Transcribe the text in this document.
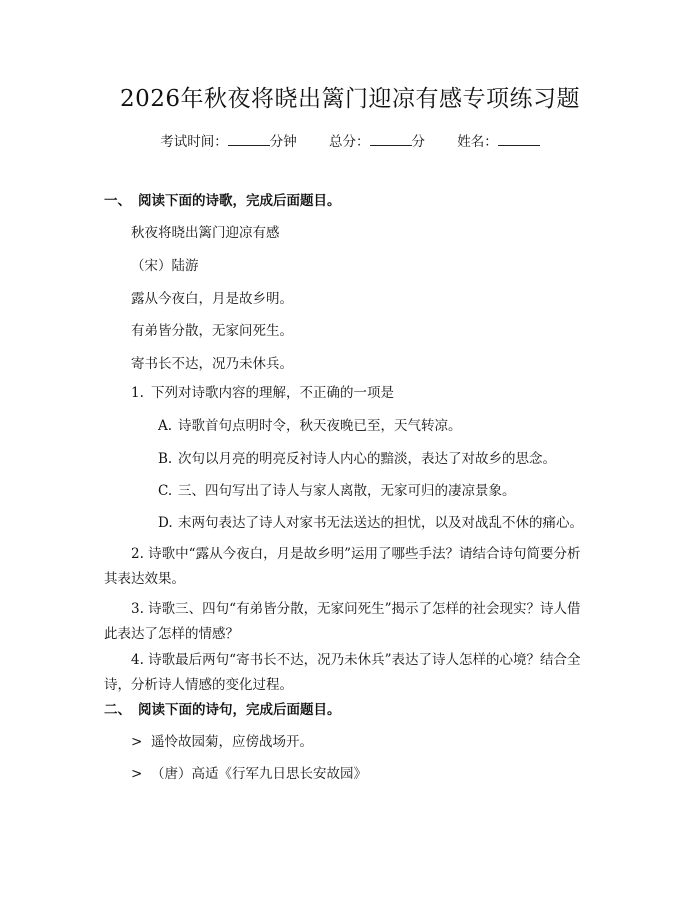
2026年秋夜将晓出篱门迎凉有感专项练习题
考试时间：	分钟 总分：	分 姓名：
一、 阅读下面的诗歌，完成后面题目。
秋夜将晓出篱门迎凉有感
（宋）陆游
露从今夜白，月是故乡明。
有弟皆分散，无家问死生。
寄书长不达，况乃未休兵。
1. 下列对诗歌内容的理解，不正确的一项是
A. 诗歌首句点明时令，秋天夜晚已至，天气转凉。
B. 次句以月亮的明亮反衬诗人内心的黯淡，表达了对故乡的思念。
C. 三、四句写出了诗人与家人离散，无家可归的凄凉景象。
D. 末两句表达了诗人对家书无法送达的担忧，以及对战乱不休的痛心。
2. 诗歌中“露从今夜白，月是故乡明”运用了哪些手法？请结合诗句简要分析其表达效果。
3. 诗歌三、四句“有弟皆分散，无家问死生”揭示了怎样的社会现实？诗人借此表达了怎样的情感？
4. 诗歌最后两句“寄书长不达，况乃未休兵”表达了诗人怎样的心境？结合全诗，分析诗人情感的变化过程。
二、 阅读下面的诗句，完成后面题目。
> 遥怜故园菊，应傍战场开。
> （唐）高适《行军九日思长安故园》
